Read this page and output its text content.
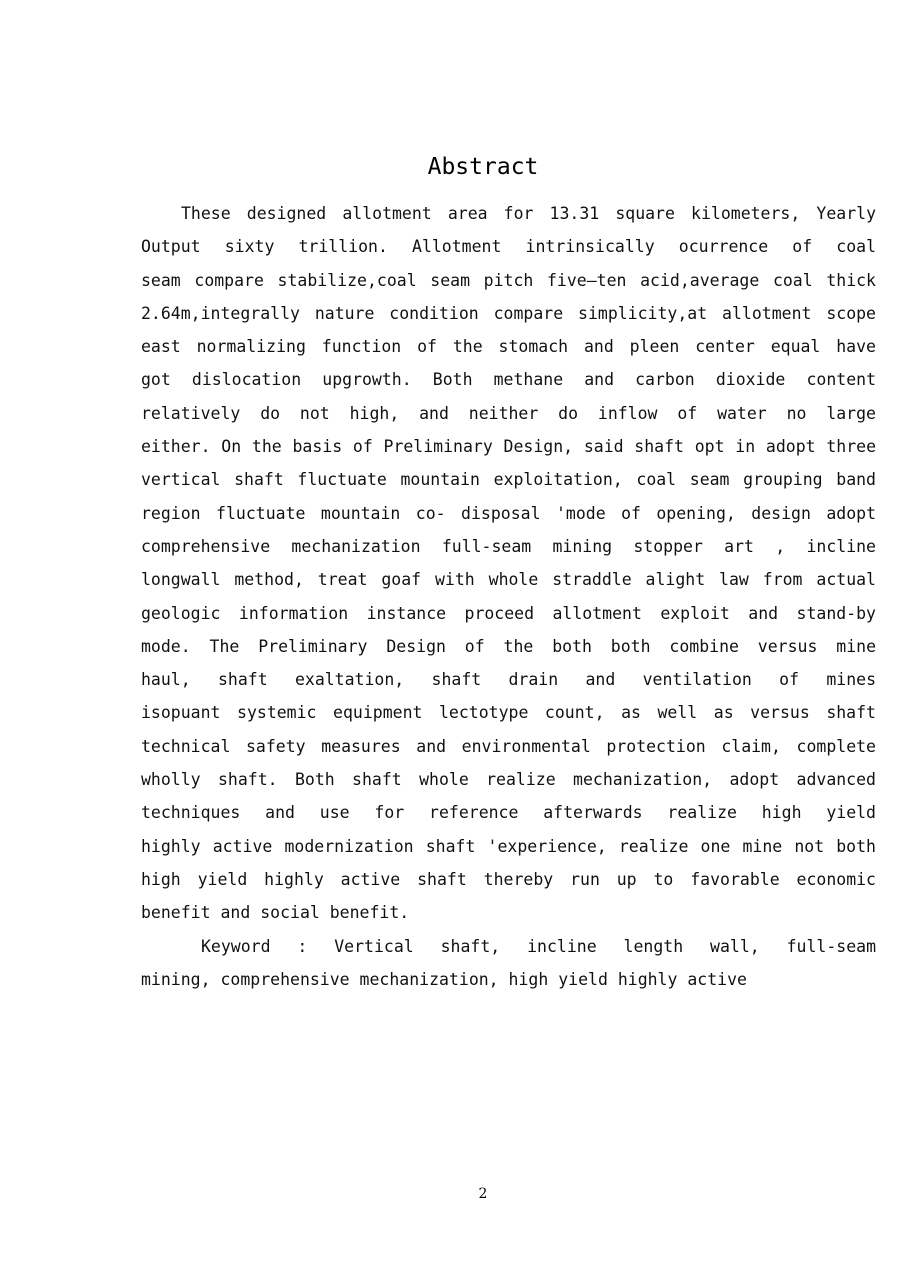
Abstract
These designed allotment area for 13.31 square kilometers, Yearly
Output sixty trillion. Allotment intrinsically ocurrence of coal
seam compare stabilize,coal seam pitch five—ten acid,average coal thick
2.64m,integrally nature condition compare simplicity,at allotment scope
east normalizing function of the stomach and pleen center equal have
got dislocation upgrowth. Both methane and carbon dioxide content
relatively do not high, and neither do inflow of water no large
either. On the basis of Preliminary Design, said shaft opt in adopt three
vertical shaft fluctuate mountain exploitation, coal seam grouping band
region fluctuate mountain co- disposal 'mode of opening, design adopt
comprehensive mechanization full-seam mining stopper art , incline
longwall method, treat goaf with whole straddle alight law from actual
geologic information instance proceed allotment exploit and stand-by
mode. The Preliminary Design of the both both combine versus mine
haul, shaft exaltation, shaft drain and ventilation of mines
isopuant systemic equipment lectotype count, as well as versus shaft
technical safety measures and environmental protection claim, complete
wholly shaft. Both shaft whole realize mechanization, adopt advanced
techniques and use for reference afterwards realize high yield
highly active modernization shaft 'experience, realize one mine not both
high yield highly active shaft thereby run up to favorable economic
benefit and social benefit.
Keyword : Vertical shaft, incline length wall, full-seam
mining, comprehensive mechanization, high yield highly active
2
